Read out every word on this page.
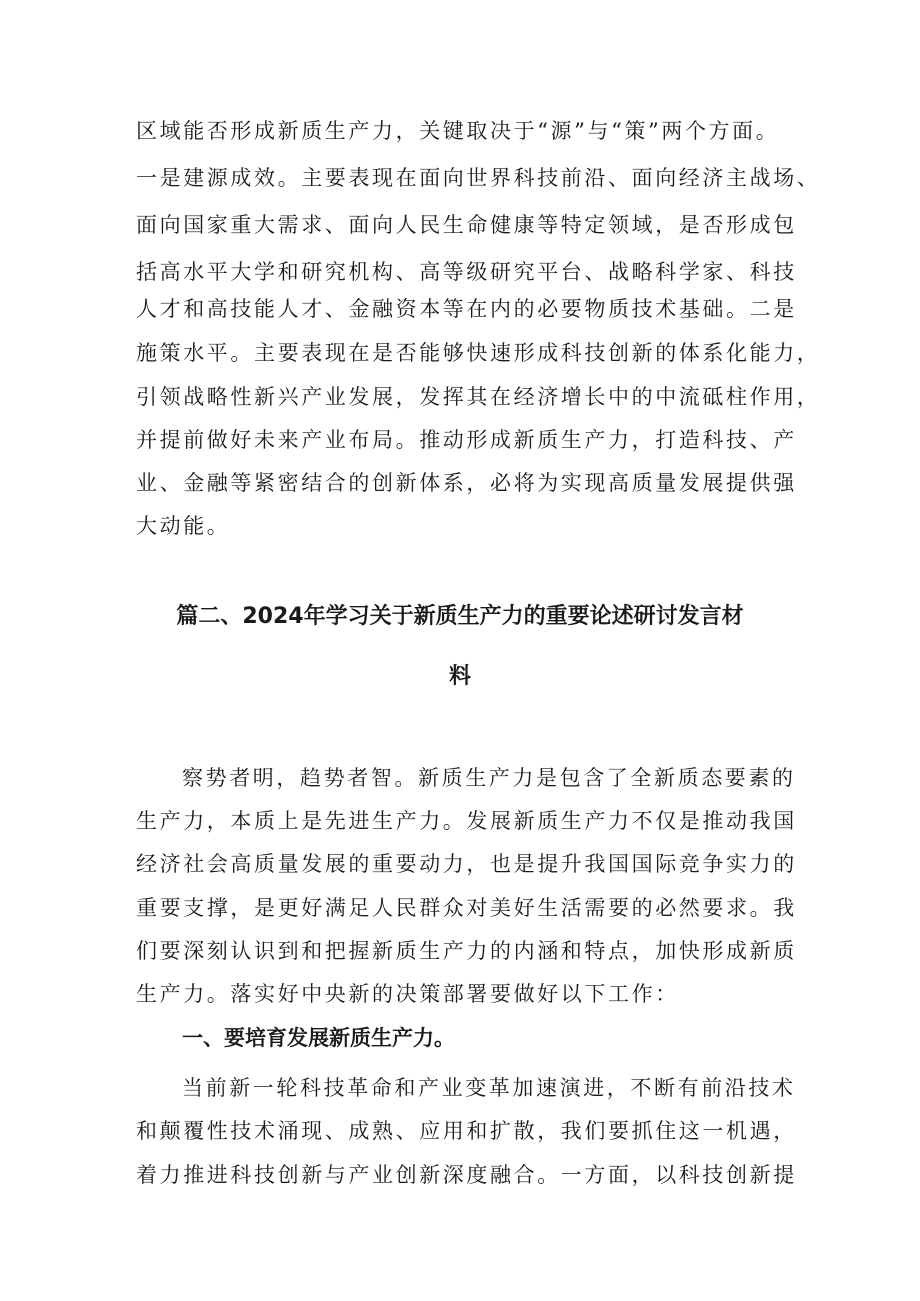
区域能否形成新质生产力，关键取决于“源”与“策”两个方面。
一是建源成效。主要表现在面向世界科技前沿、面向经济主战场、
面向国家重大需求、面向人民生命健康等特定领域，是否形成包
括高水平大学和研究机构、高等级研究平台、战略科学家、科技
人才和高技能人才、金融资本等在内的必要物质技术基础。二是
施策水平。主要表现在是否能够快速形成科技创新的体系化能力，
引领战略性新兴产业发展，发挥其在经济增长中的中流砥柱作用，
并提前做好未来产业布局。推动形成新质生产力，打造科技、产
业、金融等紧密结合的创新体系，必将为实现高质量发展提供强
大动能。
篇二、2024年学习关于新质生产力的重要论述研讨发言材
料
察势者明，趋势者智。新质生产力是包含了全新质态要素的
生产力，本质上是先进生产力。发展新质生产力不仅是推动我国
经济社会高质量发展的重要动力，也是提升我国国际竞争实力的
重要支撑，是更好满足人民群众对美好生活需要的必然要求。我
们要深刻认识到和把握新质生产力的内涵和特点，加快形成新质
生产力。落实好中央新的决策部署要做好以下工作：
一、要培育发展新质生产力。
当前新一轮科技革命和产业变革加速演进，不断有前沿技术
和颠覆性技术涌现、成熟、应用和扩散，我们要抓住这一机遇，
着力推进科技创新与产业创新深度融合。一方面，以科技创新提
